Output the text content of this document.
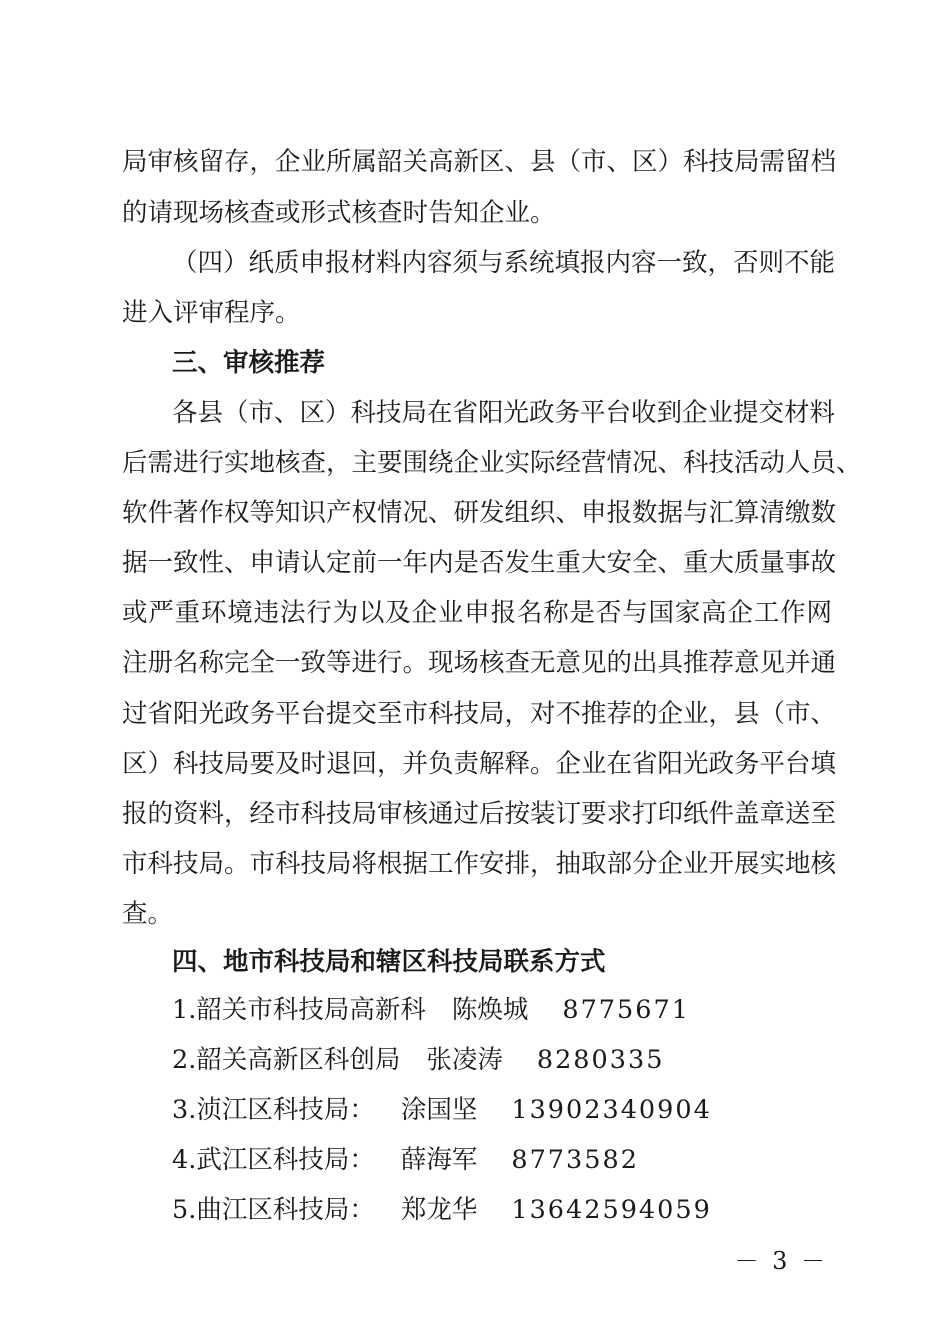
局审核留存，企业所属韶关高新区、县（市、区）科技局需留档
的请现场核查或形式核查时告知企业。
（四）纸质申报材料内容须与系统填报内容一致，否则不能
进入评审程序。
三、审核推荐
各县（市、区）科技局在省阳光政务平台收到企业提交材料
后需进行实地核查，主要围绕企业实际经营情况、科技活动人员、
软件著作权等知识产权情况、研发组织、申报数据与汇算清缴数
据一致性、申请认定前一年内是否发生重大安全、重大质量事故
或严重环境违法行为以及企业申报名称是否与国家高企工作网
注册名称完全一致等进行。现场核查无意见的出具推荐意见并通
过省阳光政务平台提交至市科技局，对不推荐的企业，县（市、
区）科技局要及时退回，并负责解释。企业在省阳光政务平台填
报的资料，经市科技局审核通过后按装订要求打印纸件盖章送至
市科技局。市科技局将根据工作安排，抽取部分企业开展实地核
查。
四、地市科技局和辖区科技局联系方式
1.韶关市科技局高新科 陈焕城 8775671
2.韶关高新区科创局 张凌涛 8280335
3.浈江区科技局： 涂国坚 13902340904
4.武江区科技局： 薛海军 8773582
5.曲江区科技局： 郑龙华 13642594059
－ 3 －
